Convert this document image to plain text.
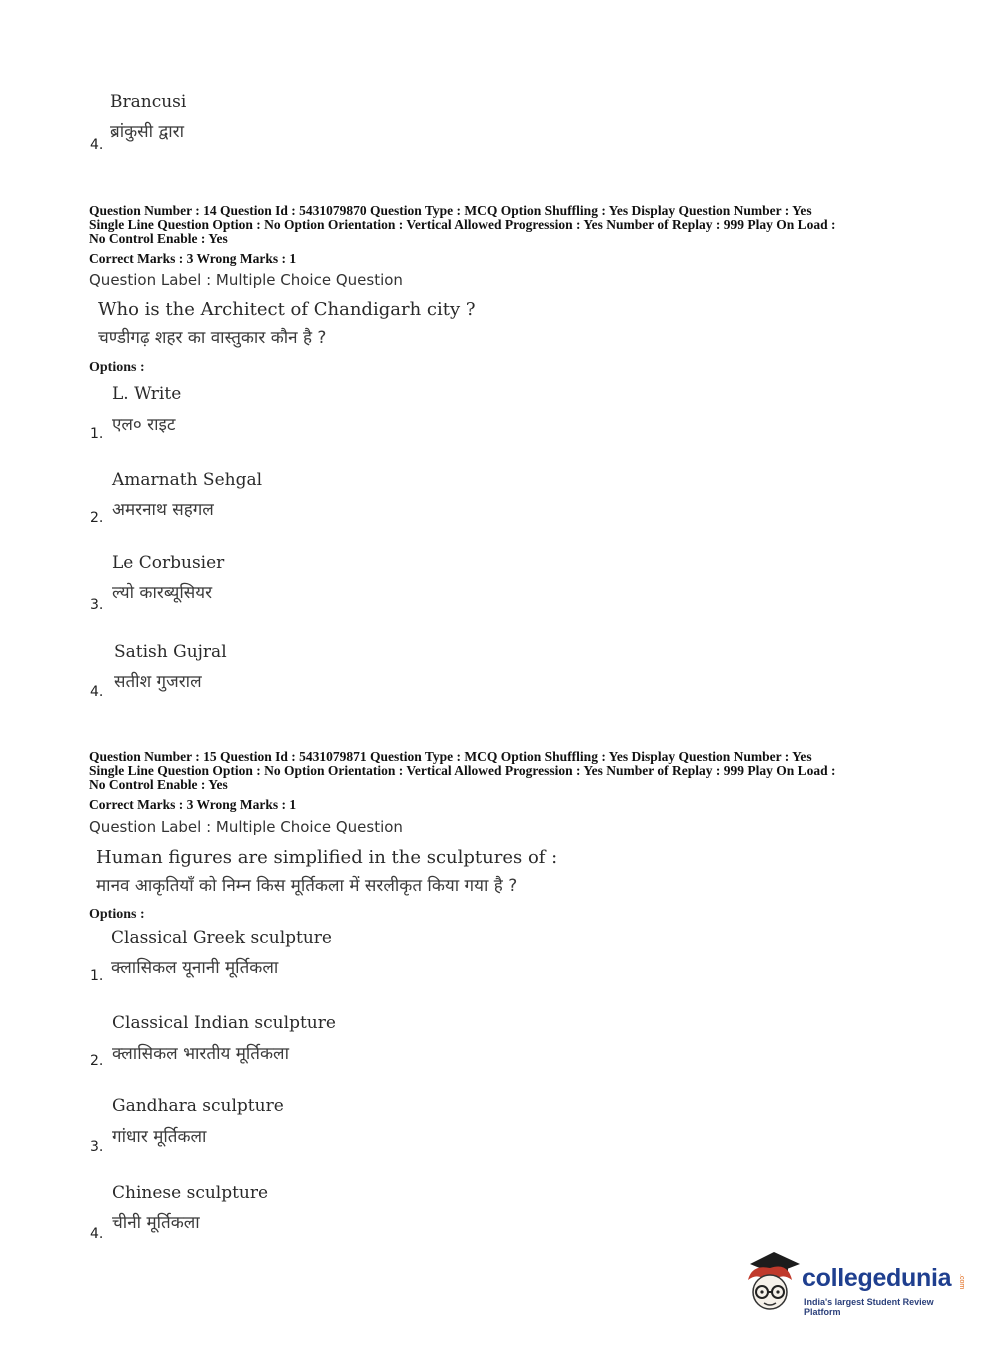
Brancusi
ब्रांकुसी द्वारा
4.
Question Number : 14 Question Id : 5431079870 Question Type : MCQ Option Shuffling : Yes Display Question Number : Yes
Single Line Question Option : No Option Orientation : Vertical Allowed Progression : Yes Number of Replay : 999 Play On Load :
No Control Enable : Yes
Correct Marks : 3 Wrong Marks : 1
Question Label : Multiple Choice Question
Who is the Architect of Chandigarh city ?
चण्डीगढ़ शहर का वास्तुकार कौन है ?
Options :
L. Write
एल० राइट
1.
Amarnath Sehgal
अमरनाथ सहगल
2.
Le Corbusier
ल्यो कारब्यूसियर
3.
Satish Gujral
सतीश गुजराल
4.
Question Number : 15 Question Id : 5431079871 Question Type : MCQ Option Shuffling : Yes Display Question Number : Yes
Single Line Question Option : No Option Orientation : Vertical Allowed Progression : Yes Number of Replay : 999 Play On Load :
No Control Enable : Yes
Correct Marks : 3 Wrong Marks : 1
Question Label : Multiple Choice Question
Human figures are simplified in the sculptures of :
मानव आकृतियाँ को निम्न किस मूर्तिकला में सरलीकृत किया गया है ?
Options :
Classical Greek sculpture
क्लासिकल यूनानी मूर्तिकला
1.
Classical Indian sculpture
क्लासिकल भारतीय मूर्तिकला
2.
Gandhara sculpture
गांधार मूर्तिकला
3.
Chinese sculpture
चीनी मूर्तिकला
4.
collegedunia .com
India's largest Student Review Platform
